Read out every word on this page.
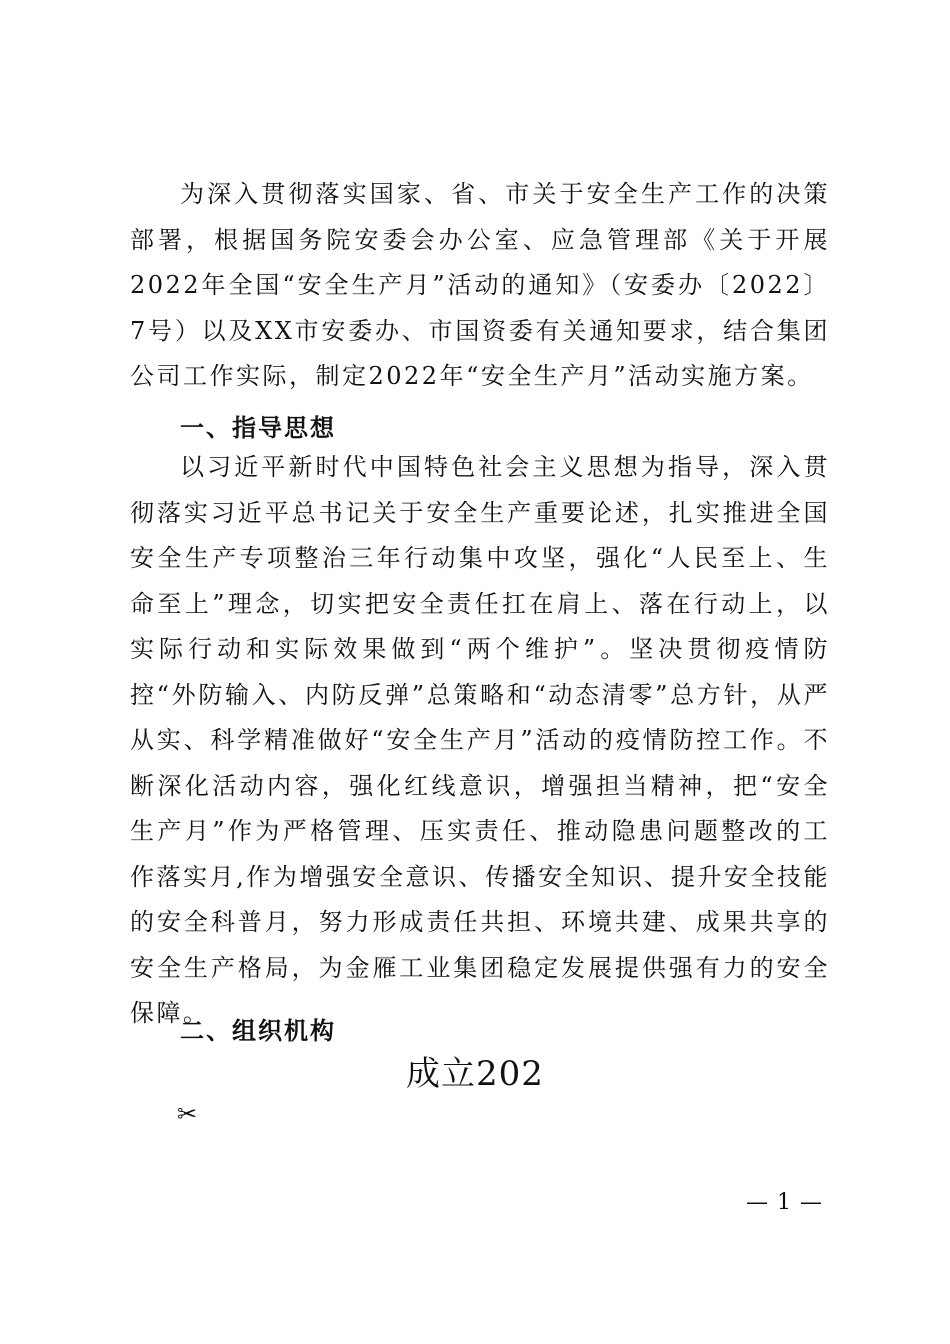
为深入贯彻落实国家、省、市关于安全生产工作的决策部署，根据国务院安委会办公室、应急管理部《关于开展2022年全国“安全生产月”活动的通知》（安委办〔2022〕7号）以及XX市安委办、市国资委有关通知要求，结合集团公司工作实际，制定2022年“安全生产月”活动实施方案。

一、指导思想

以习近平新时代中国特色社会主义思想为指导，深入贯彻落实习近平总书记关于安全生产重要论述，扎实推进全国安全生产专项整治三年行动集中攻坚，强化“人民至上、生命至上”理念，切实把安全责任扛在肩上、落在行动上，以实际行动和实际效果做到“两个维护”。坚决贯彻疫情防控“外防输入、内防反弹”总策略和“动态清零”总方针，从严从实、科学精准做好“安全生产月”活动的疫情防控工作。不断深化活动内容，强化红线意识，增强担当精神，把“安全生产月”作为严格管理、压实责任、推动隐患问题整改的工作落实月,作为增强安全意识、传播安全知识、提升安全技能的安全科普月，努力形成责任共担、环境共建、成果共享的安全生产格局，为金雁工业集团稳定发展提供强有力的安全保障。

二、组织机构

成立202

✂
— 1 —
